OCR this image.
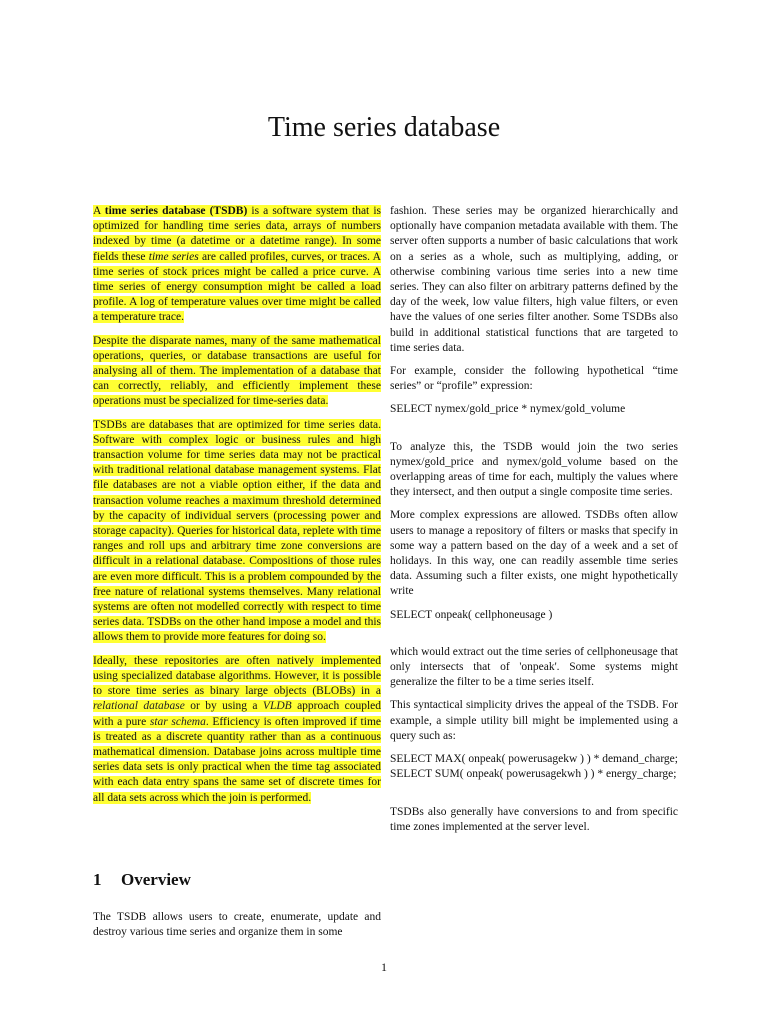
Time series database

A time series database (TSDB) is a software system that is optimized for handling time series data, arrays of numbers indexed by time (a datetime or a datetime range). In some fields these time series are called profiles, curves, or traces. A time series of stock prices might be called a price curve. A time series of energy consumption might be called a load profile. A log of temperature values over time might be called a temperature trace.

Despite the disparate names, many of the same mathematical operations, queries, or database transactions are useful for analysing all of them. The implementation of a database that can correctly, reliably, and efficiently implement these operations must be specialized for time-series data.

TSDBs are databases that are optimized for time series data. Software with complex logic or business rules and high transaction volume for time series data may not be practical with traditional relational database management systems. Flat file databases are not a viable option either, if the data and transaction volume reaches a maximum threshold determined by the capacity of individual servers (processing power and storage capacity). Queries for historical data, replete with time ranges and roll ups and arbitrary time zone conversions are difficult in a relational database. Compositions of those rules are even more difficult. This is a problem compounded by the free nature of relational systems themselves. Many relational systems are often not modelled correctly with respect to time series data. TSDBs on the other hand impose a model and this allows them to provide more features for doing so.

Ideally, these repositories are often natively implemented using specialized database algorithms. However, it is possible to store time series as binary large objects (BLOBs) in a relational database or by using a VLDB approach coupled with a pure star schema. Efficiency is often improved if time is treated as a discrete quantity rather than as a continuous mathematical dimension. Database joins across multiple time series data sets is only practical when the time tag associated with each data entry spans the same set of discrete times for all data sets across which the join is performed.

1 Overview

The TSDB allows users to create, enumerate, update and destroy various time series and organize them in some

fashion. These series may be organized hierarchically and optionally have companion metadata available with them. The server often supports a number of basic calculations that work on a series as a whole, such as multiplying, adding, or otherwise combining various time series into a new time series. They can also filter on arbitrary patterns defined by the day of the week, low value filters, high value filters, or even have the values of one series filter another. Some TSDBs also build in additional statistical functions that are targeted to time series data.

For example, consider the following hypothetical “time series” or “profile” expression:

SELECT nymex/gold_price * nymex/gold_volume

To analyze this, the TSDB would join the two series nymex/gold_price and nymex/gold_volume based on the overlapping areas of time for each, multiply the values where they intersect, and then output a single composite time series.

More complex expressions are allowed. TSDBs often allow users to manage a repository of filters or masks that specify in some way a pattern based on the day of a week and a set of holidays. In this way, one can readily assemble time series data. Assuming such a filter exists, one might hypothetically write

SELECT onpeak( cellphoneusage )

which would extract out the time series of cellphoneusage that only intersects that of 'onpeak'. Some systems might generalize the filter to be a time series itself.

This syntactical simplicity drives the appeal of the TSDB. For example, a simple utility bill might be implemented using a query such as:

SELECT MAX( onpeak( powerusagekw ) ) * demand_charge; SELECT SUM( onpeak( powerusagekwh ) ) * energy_charge;

TSDBs also generally have conversions to and from specific time zones implemented at the server level.

1
